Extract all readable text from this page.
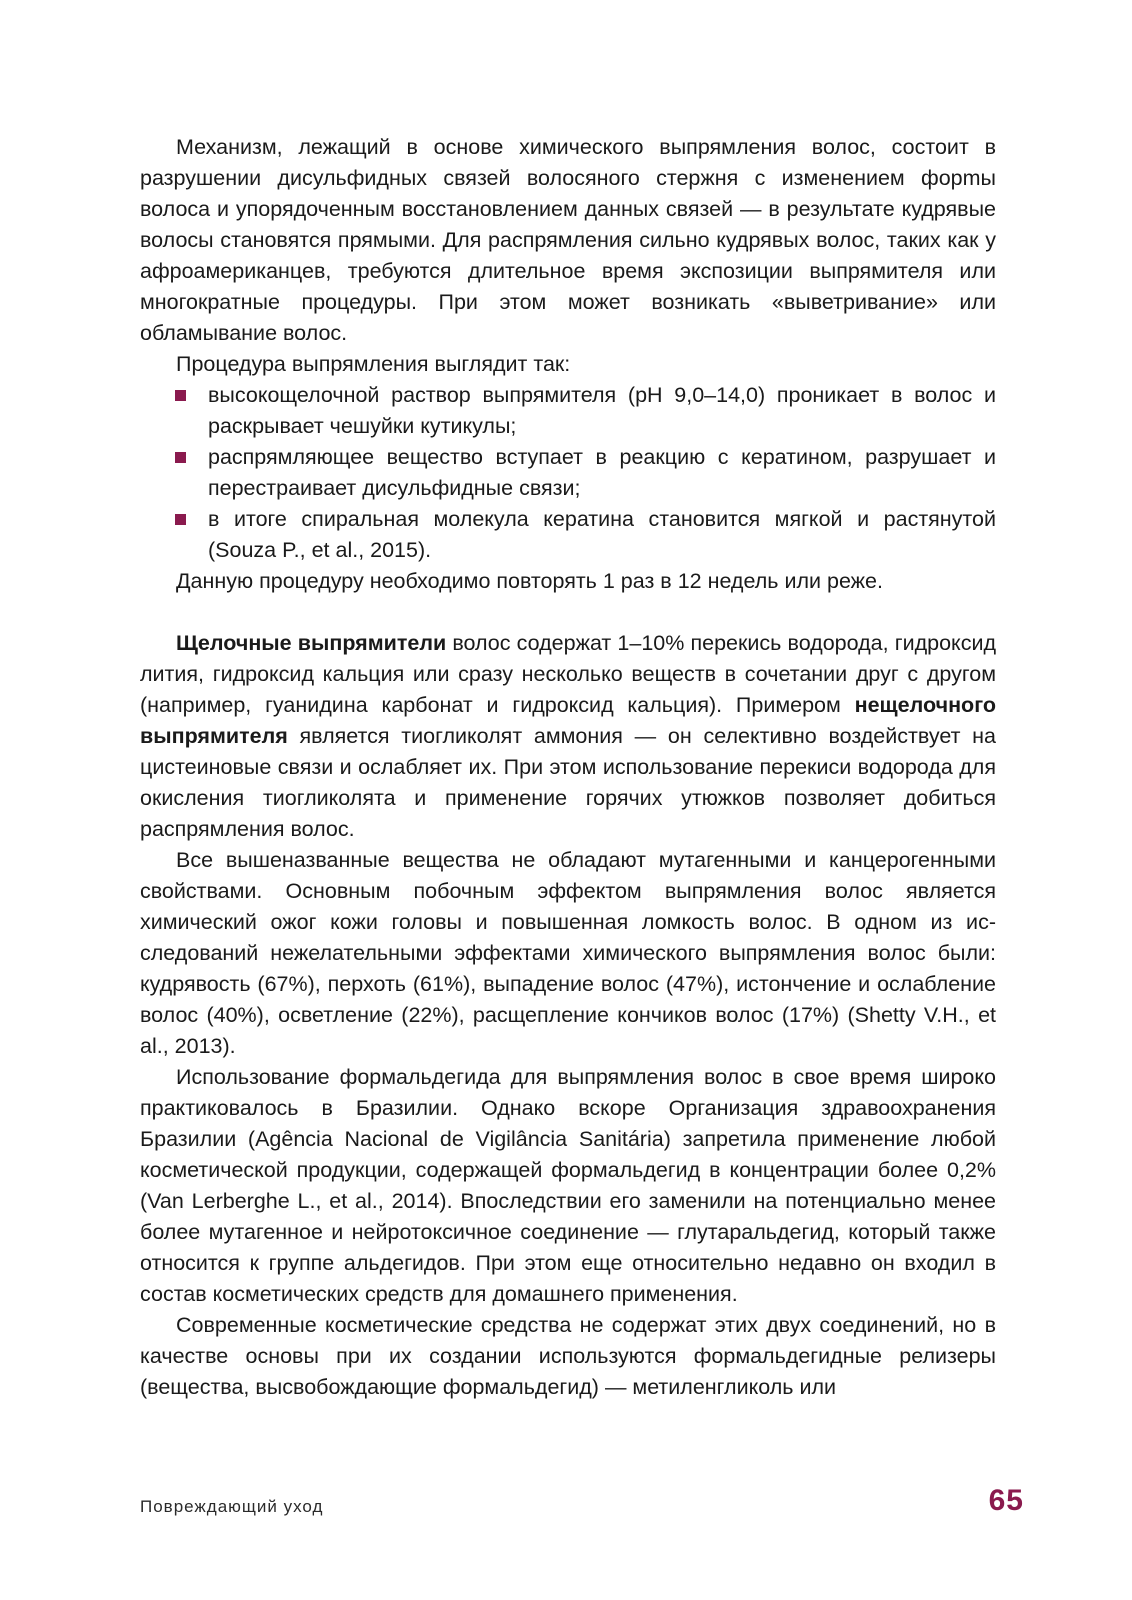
Механизм, лежащий в основе химического выпрямления волос, состоит в разрушении дисульфидных связей волосяного стержня с изменением форmы волоса и упорядоченным восстановлением данных связей — в результате кудрявые волосы становятся прямыми. Для распрямления сильно кудрявых волос, таких как у афроамериканцев, требуются длительное время экспозиции выпрямителя или многократные процедуры. При этом может возникать «выветривание» или обламывание волос.

Процедура выпрямления выглядит так:

высокощелочной раствор выпрямителя (pH 9,0–14,0) проникает в волос и раскрывает чешуйки кутикулы;
распрямляющее вещество вступает в реакцию с кератином, разрушает и перестраивает дисульфидные связи;
в итоге спиральная молекула кератина становится мягкой и растянутой (Souza P., et al., 2015).

Данную процедуру необходимо повторять 1 раз в 12 недель или реже.

Щелочные выпрямители волос содержат 1–10% перекись водорода, гидроксид лития, гидроксид кальция или сразу несколько веществ в сочетании друг с другом (например, гуанидина карбонат и гидроксид кальция). Примером нещелочного выпрямителя является тиогликолят аммония — он селективно воздействует на цистеиновые связи и ослабляет их. При этом использование перекиси водорода для окисления тиогликолята и применение горячих утюжков позволяет добиться распрямления волос.

Все вышеназванные вещества не обладают мутагенными и канцерогенными свойствами. Основным побочным эффектом выпрямления волос является химический ожог кожи головы и повышенная ломкость волос. В одном из исследований нежелательными эффектами химического выпрямления волос были: кудрявость (67%), перхоть (61%), выпадение волос (47%), истончение и ослабление волос (40%), осветление (22%), расщепление кончиков волос (17%) (Shetty V.H., et al., 2013).

Использование формальдегида для выпрямления волос в свое время широко практиковалось в Бразилии. Однако вскоре Организация здравоохранения Бразилии (Agência Nacional de Vigilância Sanitária) запретила применение любой косметической продукции, содержащей формальдегид в концентрации более 0,2% (Van Lerberghe L., et al., 2014). Впоследствии его заменили на потенциально менее более мутагенное и нейротоксичное соединение — глутаральдегид, который также относится к группе альдегидов. При этом еще относительно недавно он входил в состав косметических средств для домашнего применения.

Современные косметические средства не содержат этих двух соединений, но в качестве основы при их создании используются формальдегидные релизеры (вещества, высвобождающие формальдегид) — метиленгликоль или

Повреждающий уход	65
